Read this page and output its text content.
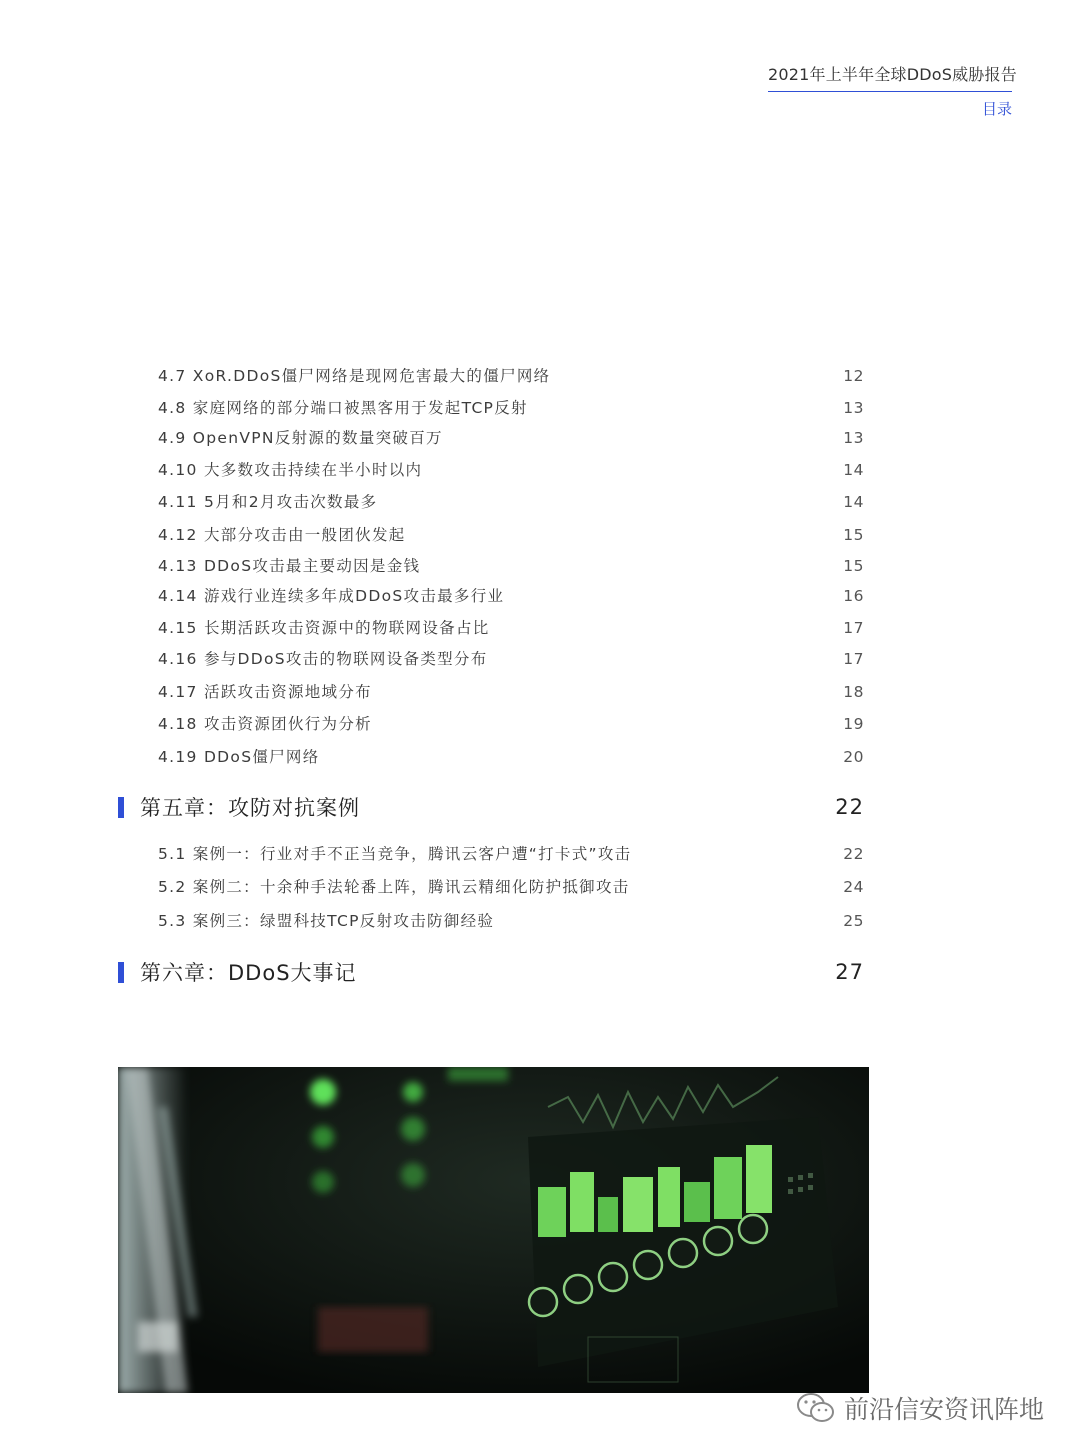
2021年上半年全球DDoS威胁报告
目录
4.7 XoR.DDoS僵尸网络是现网危害最大的僵尸网络	12
4.8 家庭网络的部分端口被黑客用于发起TCP反射	13
4.9 OpenVPN反射源的数量突破百万	13
4.10 大多数攻击持续在半小时以内	14
4.11 5月和2月攻击次数最多	14
4.12 大部分攻击由一般团伙发起	15
4.13 DDoS攻击最主要动因是金钱	15
4.14 游戏行业连续多年成DDoS攻击最多行业	16
4.15 长期活跃攻击资源中的物联网设备占比	17
4.16 参与DDoS攻击的物联网设备类型分布	17
4.17 活跃攻击资源地域分布	18
4.18 攻击资源团伙行为分析	19
4.19 DDoS僵尸网络	20
第五章：攻防对抗案例	22
5.1 案例一：行业对手不正当竞争，腾讯云客户遭“打卡式”攻击	22
5.2 案例二：十余种手法轮番上阵，腾讯云精细化防护抵御攻击	24
5.3 案例三：绿盟科技TCP反射攻击防御经验	25
第六章：DDoS大事记	27
前沿信安资讯阵地
